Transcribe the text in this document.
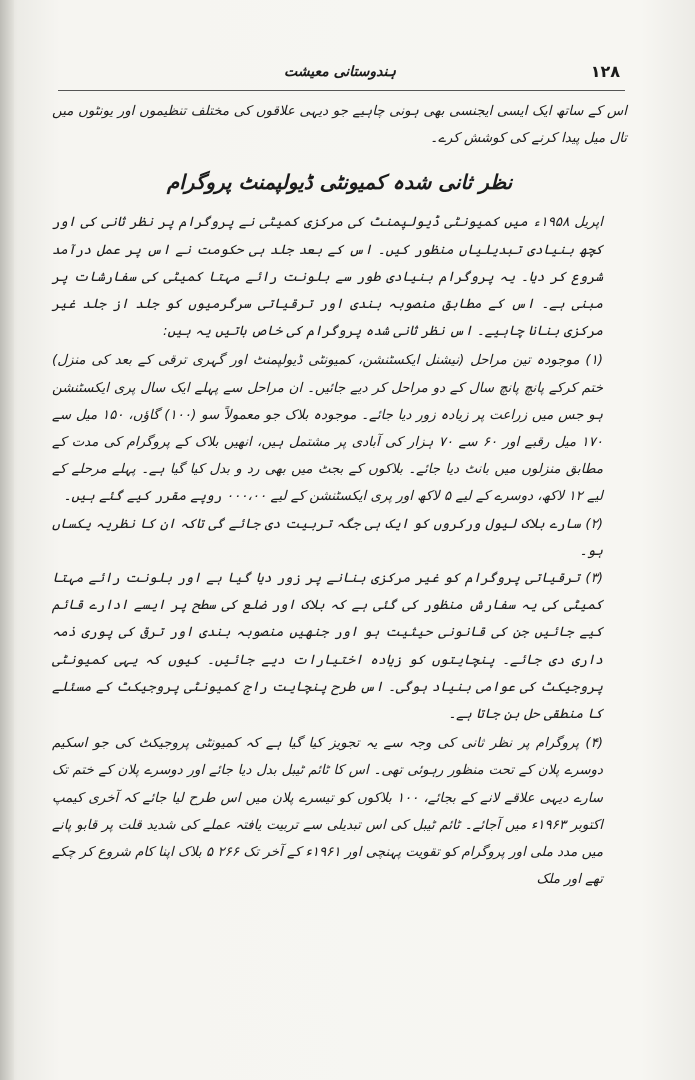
۱۲۸
ہندوستانی معیشت

اس کے ساتھ ایک ایسی ایجنسی بھی ہونی چاہیے جو دیہی علاقوں کی مختلف تنظیموں اور یونٹوں میں تال میل پیدا کرنے کی کوشش کرے۔

نظر ثانی شدہ کمیونٹی ڈیولپمنٹ پروگرام

اپریل ۱۹۵۸ء میں کمیونٹی ڈیولپمنٹ کی مرکزی کمیٹی نے پروگرام پر نظر ثانی کی اور کچھ بنیادی تبدیلیاں منظور کیں۔ اس کے بعد جلد ہی حکومت نے اس پر عمل درآمد شروع کر دیا۔ یہ پروگرام بنیادی طور سے بلونت رائے مہتا کمیٹی کی سفارشات پر مبنی ہے۔ اس کے مطابق منصوبہ بندی اور ترقیاتی سرگرمیوں کو جلد از جلد غیر مرکزی بنانا چاہیے۔ اس نظر ثانی شدہ پروگرام کی خاص باتیں یہ ہیں:

(۱) موجودہ تین مراحل (نیشنل ایکسٹنشن، کمیونٹی ڈیولپمنٹ اور گہری ترقی کے بعد کی منزل) ختم کرکے پانچ پانچ سال کے دو مراحل کر دیے جائیں۔ ان مراحل سے پہلے ایک سال پری ایکسٹنشن ہو جس میں زراعت پر زیادہ زور دیا جائے۔ موجودہ بلاک جو معمولاً سو (۱۰۰) گاؤں، ۱۵۰ میل سے ۱۷۰ میل رقبے اور ۶۰ سے ۷۰ ہزار کی آبادی پر مشتمل ہیں، انھیں بلاک کے پروگرام کی مدت کے مطابق منزلوں میں بانٹ دیا جائے۔ بلاکوں کے بجٹ میں بھی رد و بدل کیا گیا ہے۔ پہلے مرحلے کے لیے ۱۲ لاکھ، دوسرے کے لیے ۵ لاکھ اور پری ایکسٹنشن کے لیے ۰۰۰،۰۰ روپے مقرر کیے گئے ہیں۔

(۲) سارے بلاک لیول ورکروں کو ایک ہی جگہ تربیت دی جائے گی تاکہ ان کا نظریہ یکساں ہو۔

(۳) ترقیاتی پروگرام کو غیر مرکزی بنانے پر زور دیا گیا ہے اور بلونت رائے مہتا کمیٹی کی یہ سفارش منظور کی گئی ہے کہ بلاک اور ضلع کی سطح پر ایسے ادارے قائم کیے جائیں جن کی قانونی حیثیت ہو اور جنھیں منصوبہ بندی اور ترقی کی پوری ذمہ داری دی جائے۔ پنچایتوں کو زیادہ اختیارات دیے جائیں۔ کیوں کہ یہی کمیونٹی پروجیکٹ کی عوامی بنیاد ہوگی۔ اس طرح پنچایت راج کمیونٹی پروجیکٹ کے مسئلے کا منطقی حل بن جاتا ہے۔

(۴) پروگرام پر نظر ثانی کی وجہ سے یہ تجویز کیا گیا ہے کہ کمیونٹی پروجیکٹ کی جو اسکیم دوسرے پلان کے تحت منظور رہوئی تھی۔ اس کا ٹائم ٹیبل بدل دیا جائے اور دوسرے پلان کے ختم تک سارے دیہی علاقے لانے کے بجائے، ۱۰۰ بلاکوں کو تیسرے پلان میں اس طرح لیا جائے کہ آخری کیمپ اکتوبر ۱۹۶۳ء میں آجائے۔ ٹائم ٹیبل کی اس تبدیلی سے تربیت یافتہ عملے کی شدید قلت پر قابو پانے میں مدد ملی اور پروگرام کو تقویت پہنچی اور ۱۹۶۱ء کے آخر تک ۲۶۶ ۵ بلاک اپنا کام شروع کر چکے تھے اور ملک
